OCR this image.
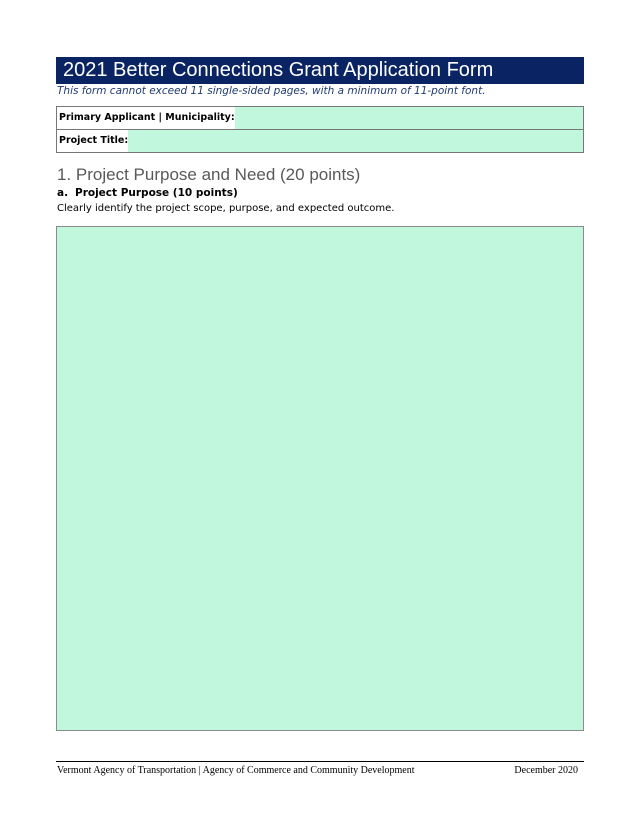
2021 Better Connections Grant Application Form
This form cannot exceed 11 single-sided pages, with a minimum of 11-point font.
Primary Applicant | Municipality:
Project Title:
1. Project Purpose and Need (20 points)
a. Project Purpose (10 points)
Clearly identify the project scope, purpose, and expected outcome.
Vermont Agency of Transportation | Agency of Commerce and Community Development	December 2020
